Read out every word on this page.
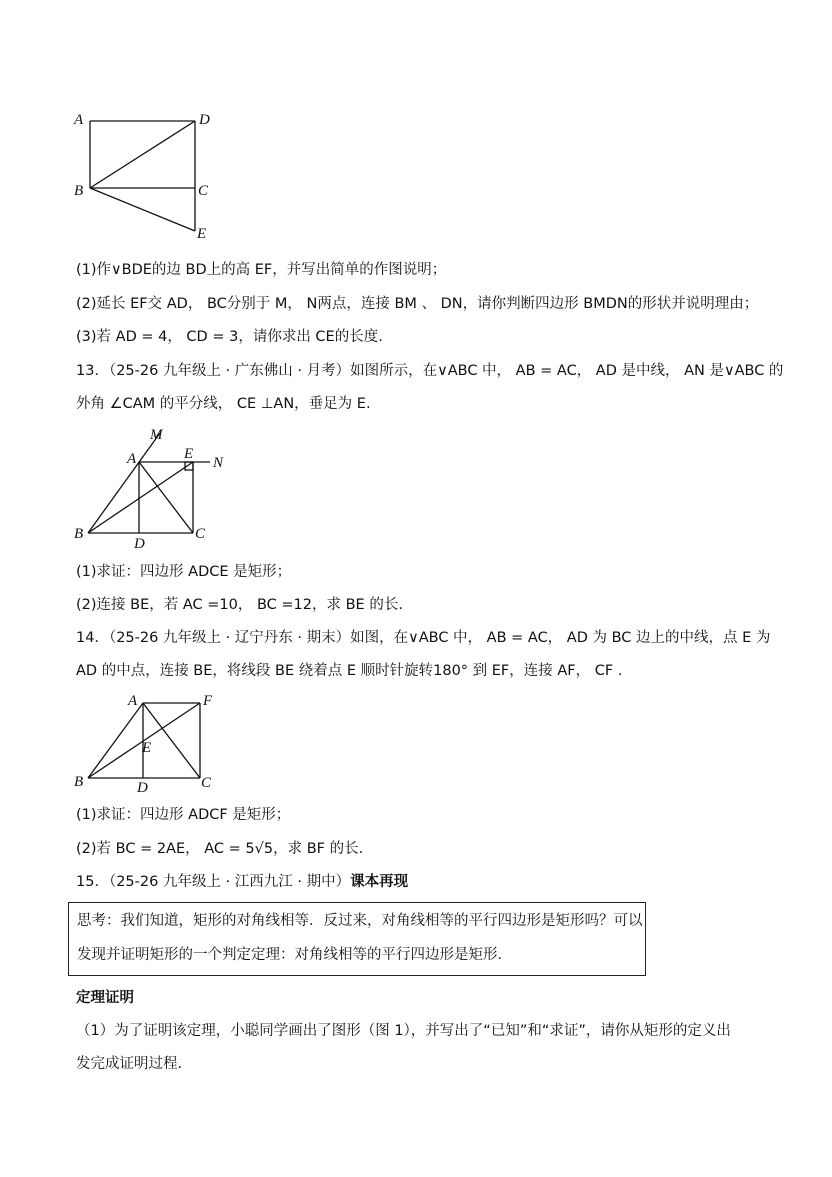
A	D
B	C
E
(1)作∨BDE的边 BD上的高 EF，并写出简单的作图说明；
(2)延长 EF交 AD， BC分别于 M， N两点，连接 BM 、 DN，请你判断四边形 BMDN的形状并说明理由；
(3)若 AD = 4， CD = 3，请你求出 CE的长度.
13．（25-26 九年级上 · 广东佛山 · 月考）如图所示，在∨ABC 中， AB = AC， AD 是中线， AN 是∨ABC 的
外角 ∠CAM 的平分线， CE ⊥AN，垂足为 E.
M
A	E
N
B
D
C
(1)求证：四边形 ADCE 是矩形；
(2)连接 BE，若 AC =10， BC =12，求 BE 的长.
14．（25-26 九年级上 · 辽宁丹东 · 期末）如图，在∨ABC 中， AB = AC， AD 为 BC 边上的中线，点 E 为
AD 的中点，连接 BE，将线段 BE 绕着点 E 顺时针旋转180° 到 EF，连接 AF， CF .
A	F
E
B	D	C
(1)求证：四边形 ADCF 是矩形；
(2)若 BC = 2AE， AC = 5√5，求 BF 的长.
15．（25-26 九年级上 · 江西九江 · 期中）课本再现
思考：我们知道，矩形的对角线相等．反过来，对角线相等的平行四边形是矩形吗？可以
发现并证明矩形的一个判定定理：对角线相等的平行四边形是矩形．
定理证明
（1）为了证明该定理，小聪同学画出了图形（图 1），并写出了“已知”和“求证”，请你从矩形的定义出
发完成证明过程.
